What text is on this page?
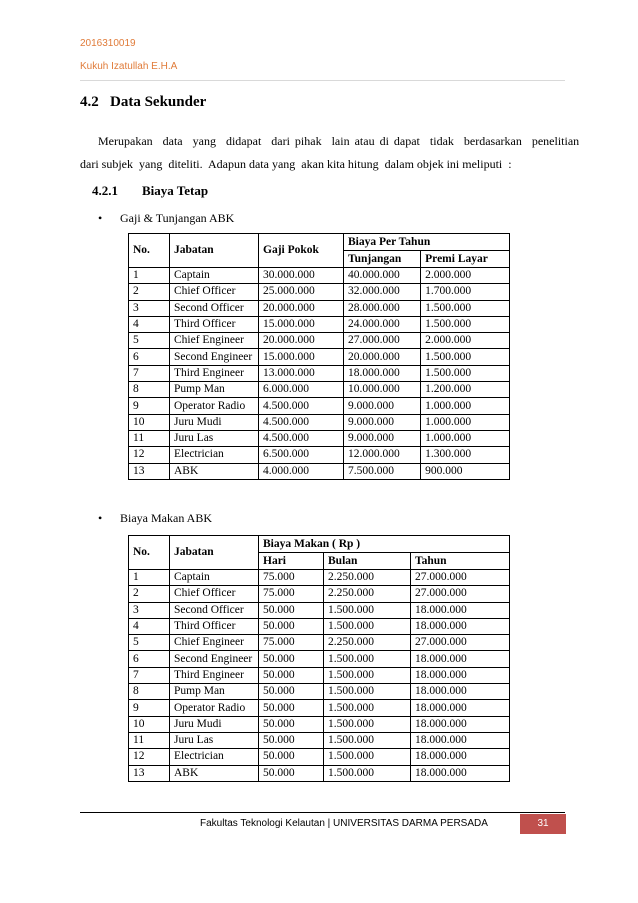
2016310019
Kukuh Izatullah E.H.A
4.2   Data Sekunder
Merupakan  data  yang  didapat  dari pihak  lain atau di dapat  tidak  berdasarkan  penelitian
dari subjek  yang  diteliti.  Adapun data yang  akan kita hitung  dalam objek ini meliputi  :
4.2.1 Biaya Tetap
• Gaji & Tunjangan ABK
No.	Jabatan	Gaji Pokok	Biaya Per Tahun	
			Tunjangan	Premi Layar
1	Captain	30.000.000	40.000.000	2.000.000
2	Chief Officer	25.000.000	32.000.000	1.700.000
3	Second Officer	20.000.000	28.000.000	1.500.000
4	Third Officer	15.000.000	24.000.000	1.500.000
5	Chief Engineer	20.000.000	27.000.000	2.000.000
6	Second Engineer	15.000.000	20.000.000	1.500.000
7	Third Engineer	13.000.000	18.000.000	1.500.000
8	Pump Man	6.000.000	10.000.000	1.200.000
9	Operator Radio	4.500.000	9.000.000	1.000.000
10	Juru Mudi	4.500.000	9.000.000	1.000.000
11	Juru Las	4.500.000	9.000.000	1.000.000
12	Electrician	6.500.000	12.000.000	1.300.000
13	ABK	4.000.000	7.500.000	900.000
• Biaya Makan ABK
No.	Jabatan	Biaya Makan ( Rp )		
		Hari	Bulan	Tahun
1	Captain	75.000	2.250.000	27.000.000
2	Chief Officer	75.000	2.250.000	27.000.000
3	Second Officer	50.000	1.500.000	18.000.000
4	Third Officer	50.000	1.500.000	18.000.000
5	Chief Engineer	75.000	2.250.000	27.000.000
6	Second Engineer	50.000	1.500.000	18.000.000
7	Third Engineer	50.000	1.500.000	18.000.000
8	Pump Man	50.000	1.500.000	18.000.000
9	Operator Radio	50.000	1.500.000	18.000.000
10	Juru Mudi	50.000	1.500.000	18.000.000
11	Juru Las	50.000	1.500.000	18.000.000
12	Electrician	50.000	1.500.000	18.000.000
13	ABK	50.000	1.500.000	18.000.000
Fakultas Teknologi Kelautan | UNIVERSITAS DARMA PERSADA	31
